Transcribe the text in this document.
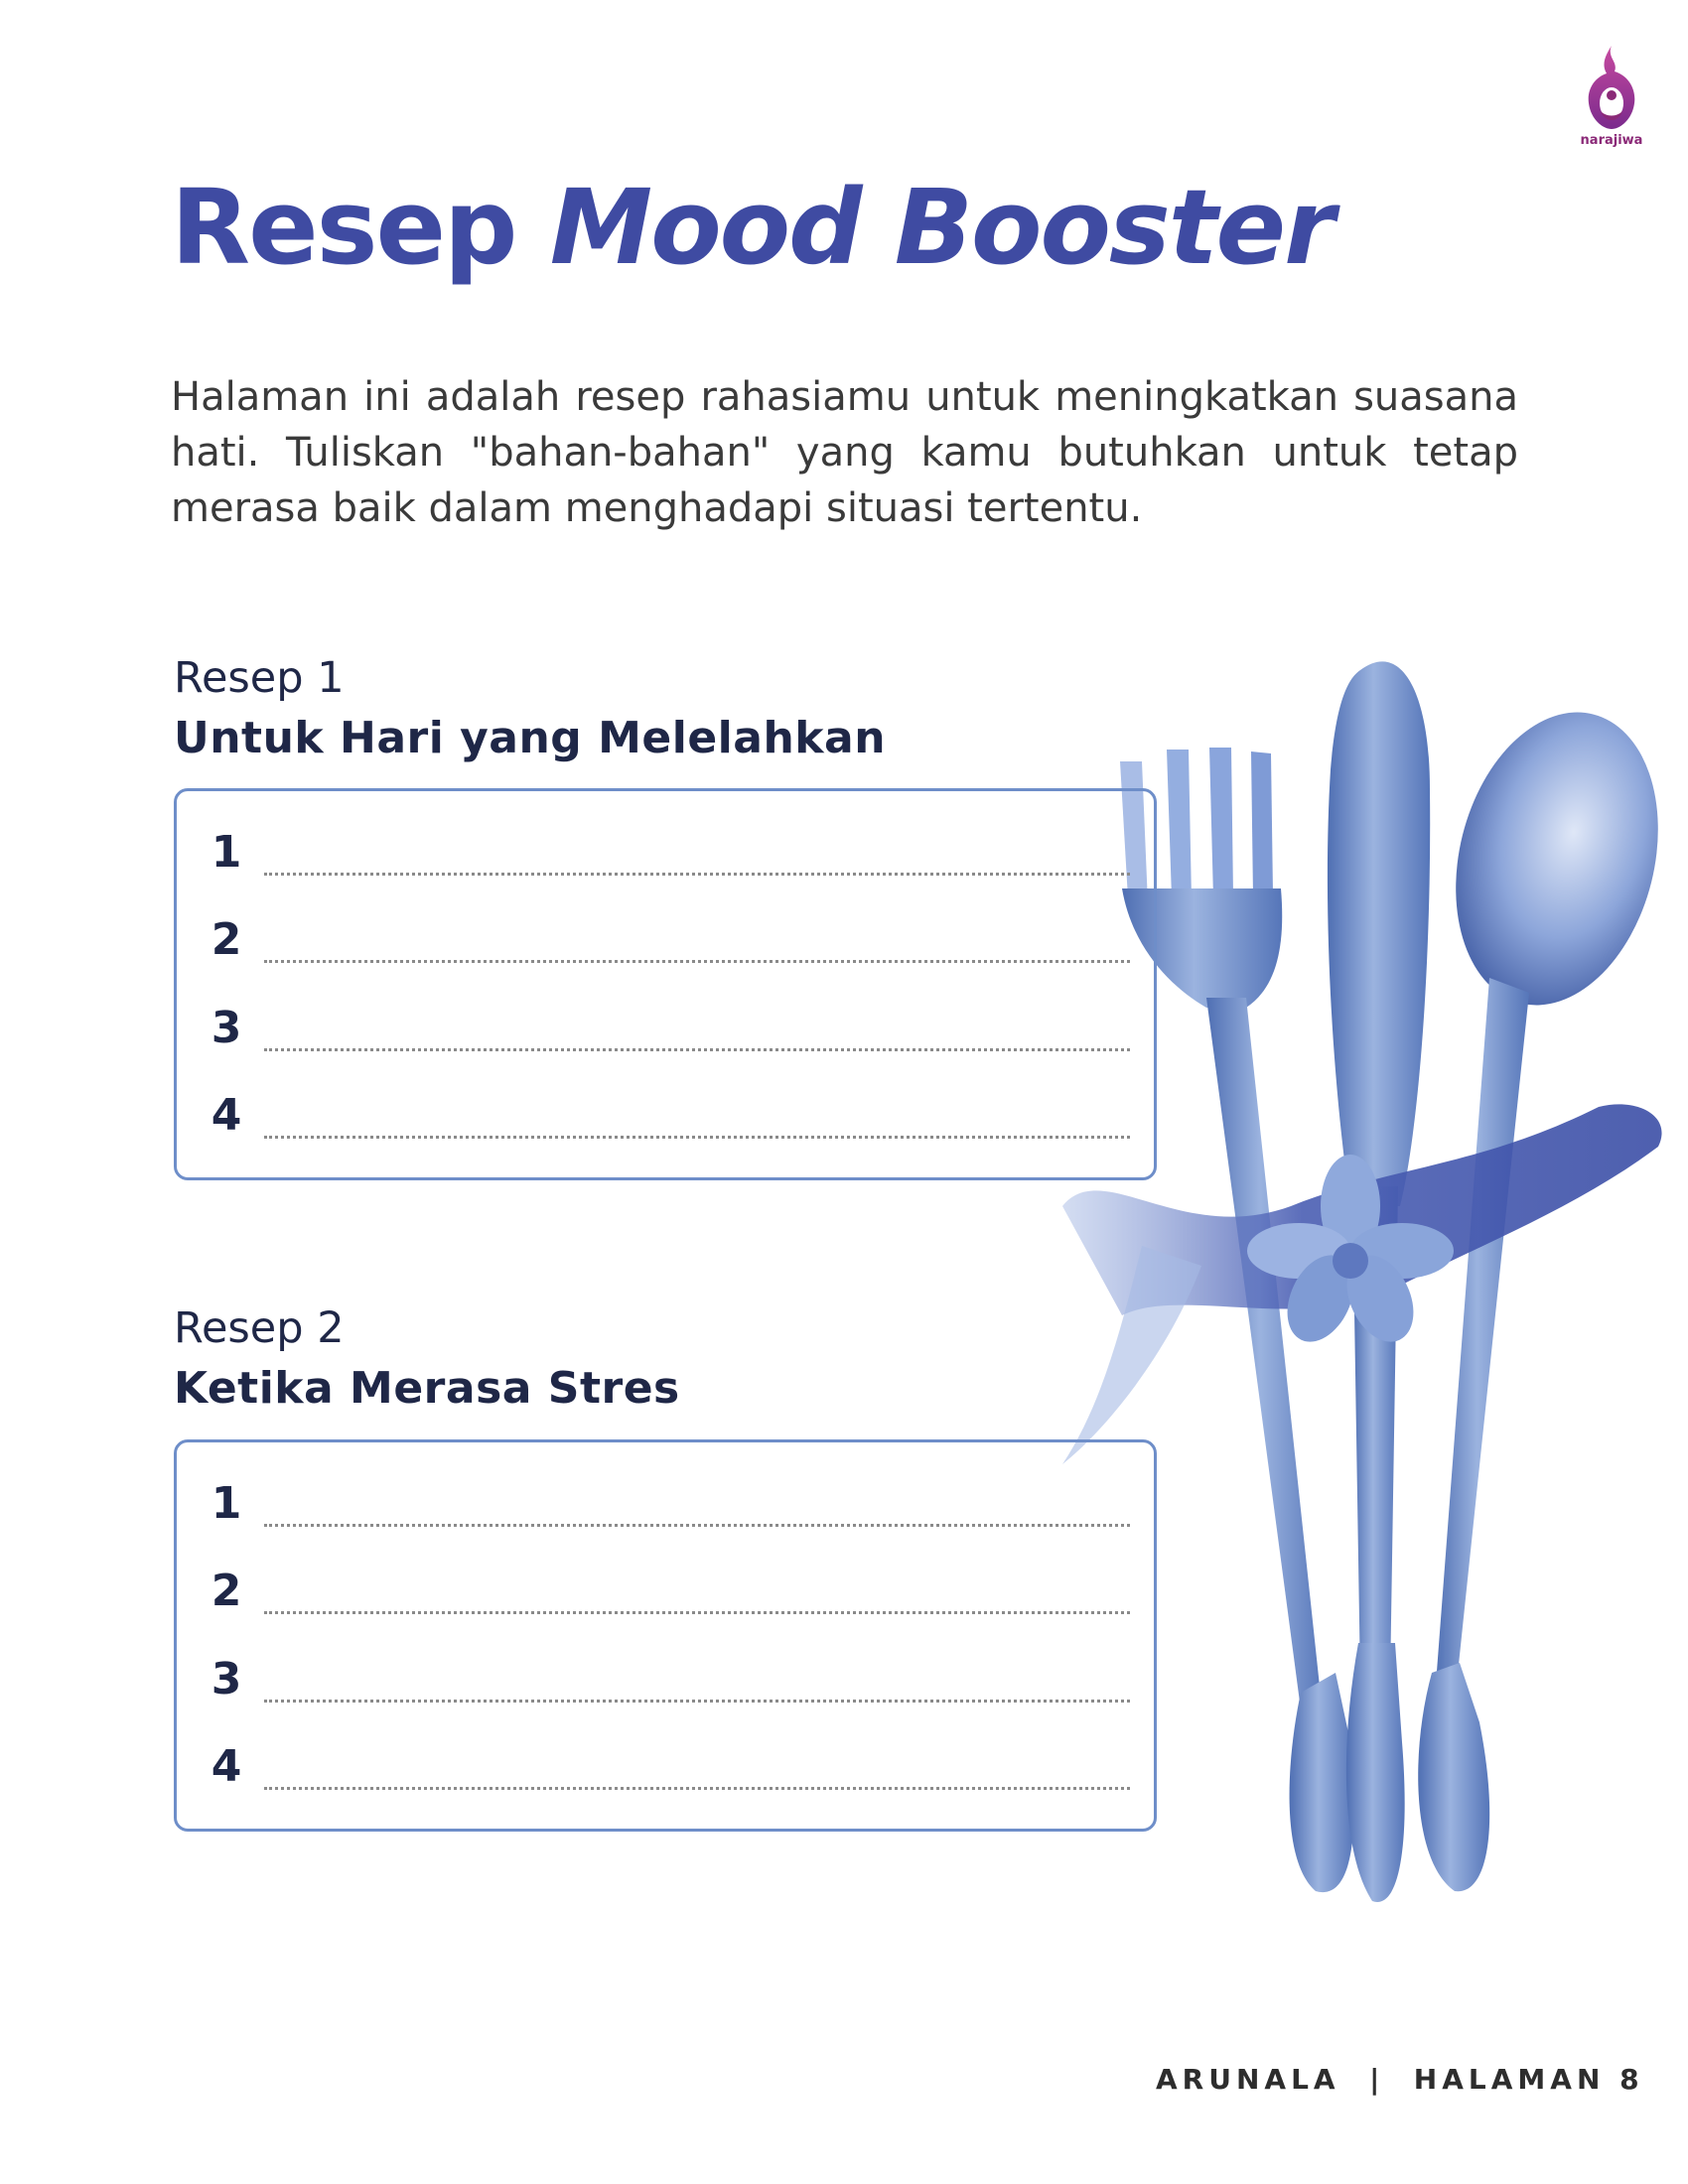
narajiwa
Resep Mood Booster

Halaman ini adalah resep rahasiamu untuk meningkatkan suasana hati. Tuliskan "bahan-bahan" yang kamu butuhkan untuk tetap merasa baik dalam menghadapi situasi tertentu.

Resep 1
Untuk Hari yang Melelahkan
1
2
3
4
Resep 2
Ketika Merasa Stres
1
2
3
4

ARUNALA  |  HALAMAN 8
